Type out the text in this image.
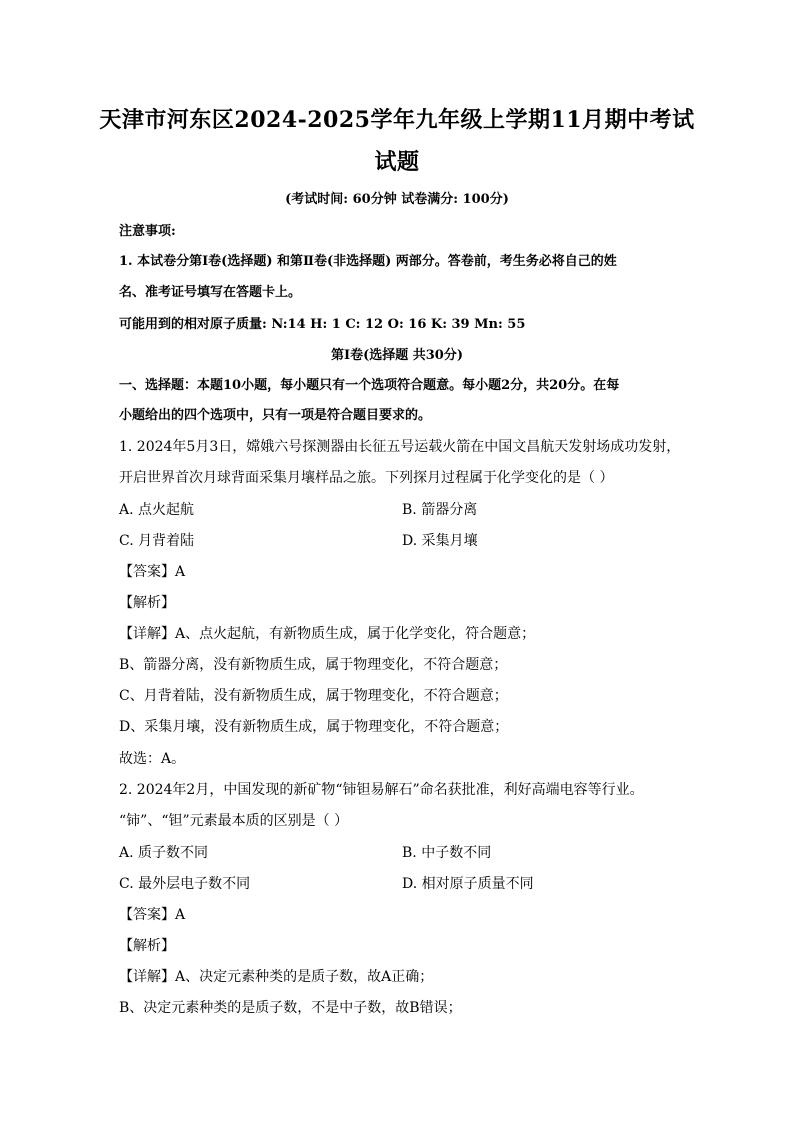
天津市河东区2024-2025学年九年级上学期11月期中考试
试题
(考试时间: 60分钟 试卷满分: 100分)
注意事项:
1. 本试卷分第Ⅰ卷(选择题) 和第Ⅱ卷(非选择题) 两部分。答卷前，考生务必将自己的姓
名、准考证号填写在答题卡上。
可能用到的相对原子质量: N:14 H: 1 C: 12 O: 16 K: 39 Mn: 55
第Ⅰ卷(选择题 共30分)
一、选择题：本题10小题，每小题只有一个选项符合题意。每小题2分，共20分。在每
小题给出的四个选项中，只有一项是符合题目要求的。
1. 2024年5月3日，嫦娥六号探测器由长征五号运载火箭在中国文昌航天发射场成功发射，
开启世界首次月球背面采集月壤样品之旅。下列探月过程属于化学变化的是（ ）
A. 点火起航	B. 箭器分离
C. 月背着陆	D. 采集月壤
【答案】A
【解析】
【详解】A、点火起航，有新物质生成，属于化学变化，符合题意；
B、箭器分离，没有新物质生成，属于物理变化，不符合题意；
C、月背着陆，没有新物质生成，属于物理变化，不符合题意；
D、采集月壤，没有新物质生成，属于物理变化，不符合题意；
故选：A。
2. 2024年2月，中国发现的新矿物“铈钽易解石”命名获批准，利好高端电容等行业。
“铈”、“钽”元素最本质的区别是（ ）
A. 质子数不同	B. 中子数不同
C. 最外层电子数不同	D. 相对原子质量不同
【答案】A
【解析】
【详解】A、决定元素种类的是质子数，故A正确；
B、决定元素种类的是质子数，不是中子数，故B错误；
